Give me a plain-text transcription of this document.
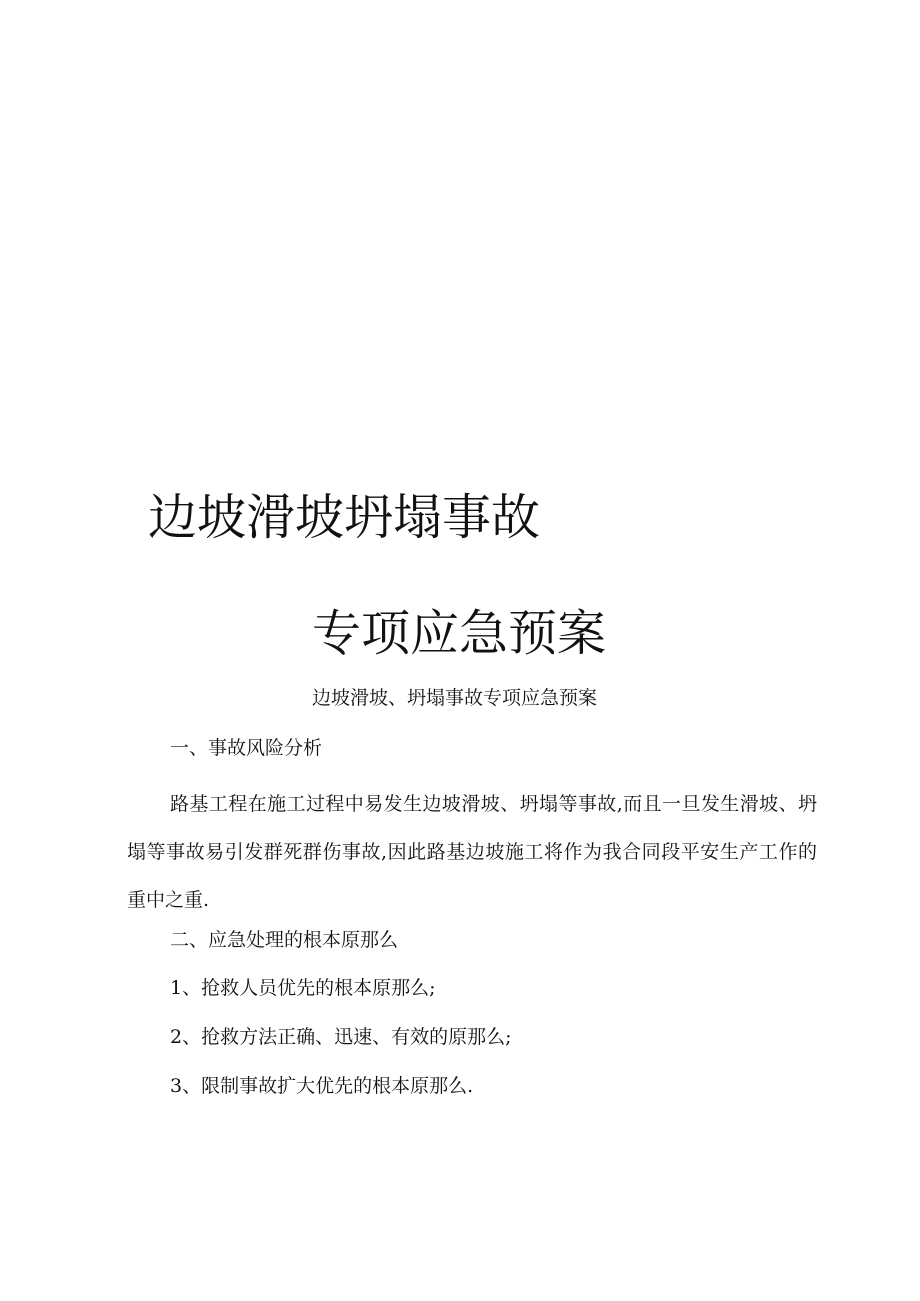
边坡滑坡坍塌事故
专项应急预案
边坡滑坡、坍塌事故专项应急预案
一、事故风险分析
路基工程在施工过程中易发生边坡滑坡、坍塌等事故,而且一旦发生滑坡、坍塌等事故易引发群死群伤事故,因此路基边坡施工将作为我合同段平安生产工作的重中之重.
二、应急处理的根本原那么
1、抢救人员优先的根本原那么;
2、抢救方法正确、迅速、有效的原那么;
3、限制事故扩大优先的根本原那么.
